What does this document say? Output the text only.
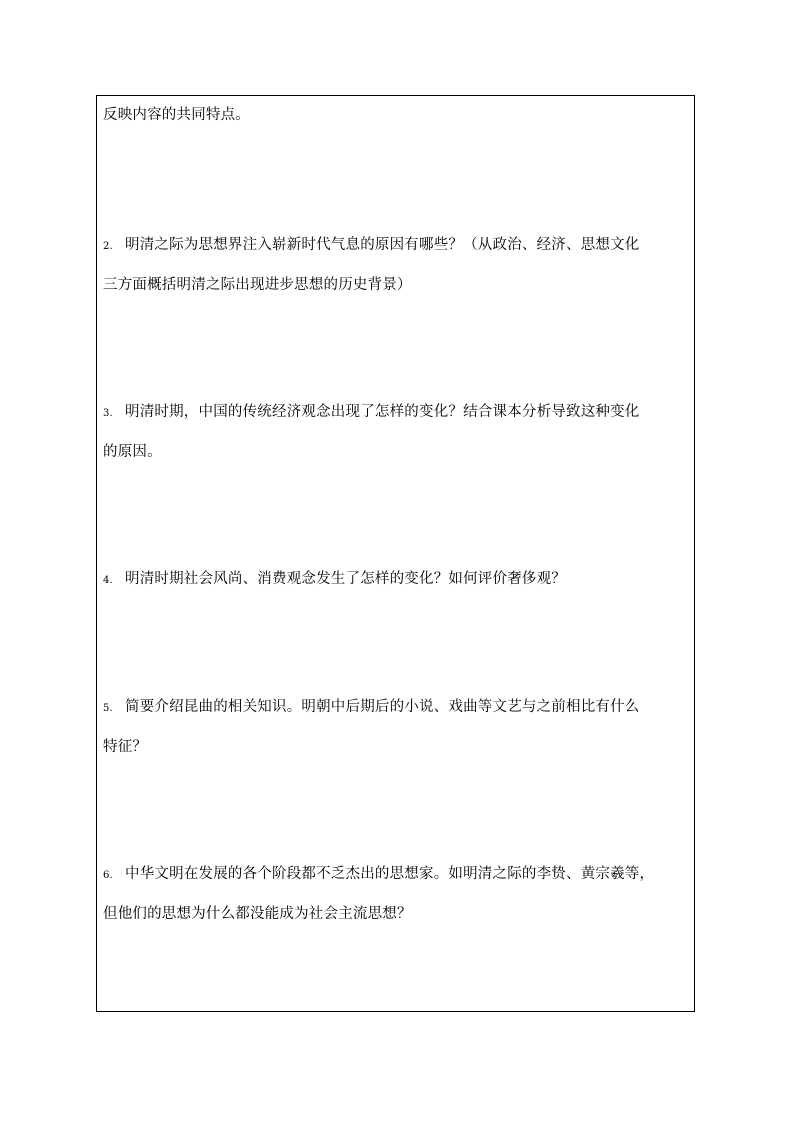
反映内容的共同特点。
2. 明清之际为思想界注入崭新时代气息的原因有哪些？（从政治、经济、思想文化
三方面概括明清之际出现进步思想的历史背景）
3. 明清时期，中国的传统经济观念出现了怎样的变化？结合课本分析导致这种变化
的原因。
4. 明清时期社会风尚、消费观念发生了怎样的变化？如何评价奢侈观？
5. 简要介绍昆曲的相关知识。明朝中后期后的小说、戏曲等文艺与之前相比有什么
特征？
6. 中华文明在发展的各个阶段都不乏杰出的思想家。如明清之际的李贽、黄宗羲等，
但他们的思想为什么都没能成为社会主流思想？
